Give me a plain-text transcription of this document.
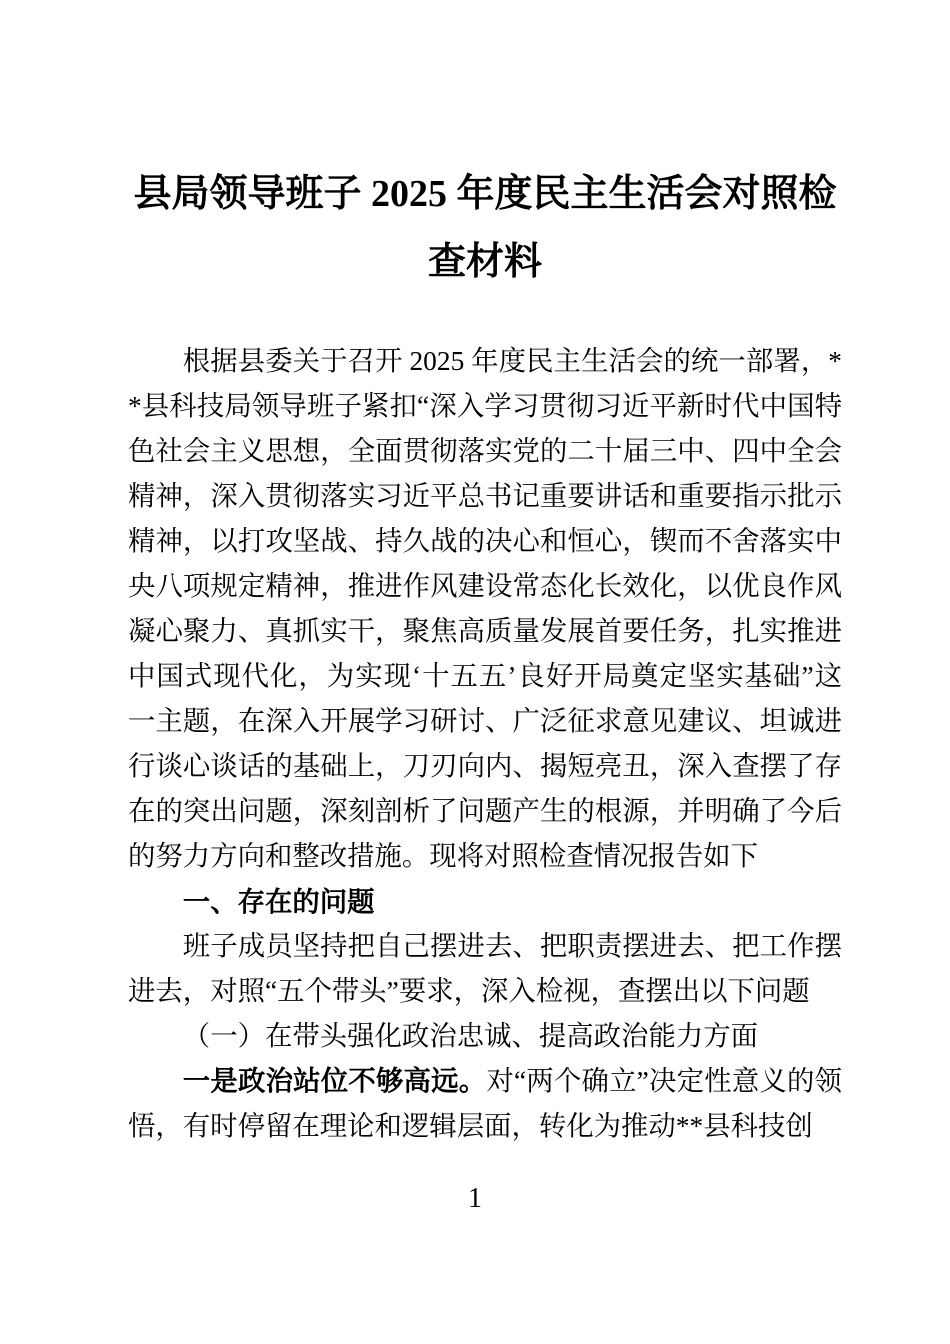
县局领导班子 2025 年度民主生活会对照检查材料

根据县委关于召开 2025 年度民主生活会的统一部署，*​*县科技局领导班子紧扣“深入学习贯彻习近平新时代中国特色社会主义思想，全面贯彻落实党的二十届三中、四中全会精神，深入贯彻落实习近平总书记重要讲话和重要指示批示精神，以打攻坚战、持久战的决心和恒心，锲而不舍落实中央八项规定精神，推进作风建设常态化长效化，以优良作风凝心聚力、真抓实干，聚焦高质量发展首要任务，扎实推进中国式现代化，为实现‘十五五’良好开局奠定坚实基础”这一主题，在深入开展学习研讨、广泛征求意见建议、坦诚进行谈心谈话的基础上，刀刃向内、揭短亮丑，深入查摆了存在的突出问题，深刻剖析了问题产生的根源，并明确了今后的努力方向和整改措施。现将对照检查情况报告如下

一、存在的问题

班子成员坚持把自己摆进去、把职责摆进去、把工作摆进去，对照“五个带头”要求，深入检视，查摆出以下问题

（一）在带头强化政治忠诚、提高政治能力方面

一是政治站位不够高远。对“两个确立”决定性意义的领悟，有时停留在理论和逻辑层面，转化为推动**县科技创

1
